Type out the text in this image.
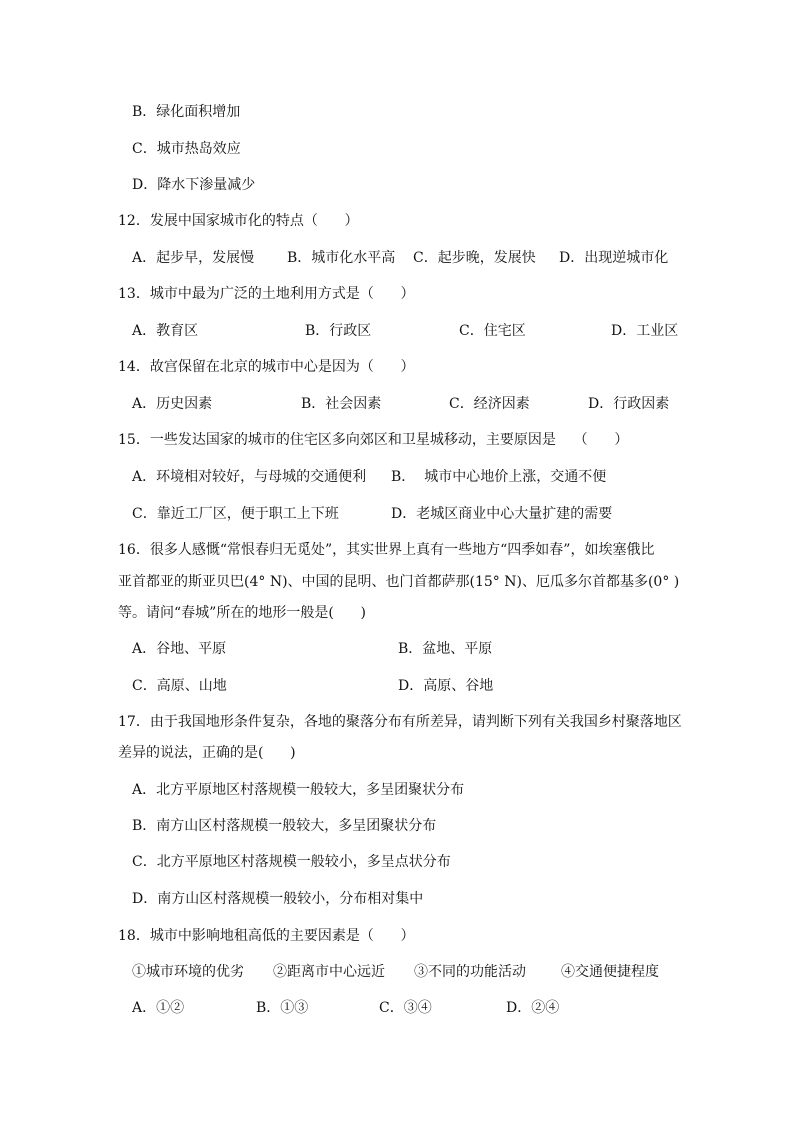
B．绿化面积增加
C．城市热岛效应
D．降水下渗量减少
12．发展中国家城市化的特点（      ）
A．起步早，发展慢 B．城市化水平高 C．起步晚，发展快 D．出现逆城市化
13．城市中最为广泛的土地利用方式是（      ）
A．教育区	B．行政区	C．住宅区	D．工业区
14．故宫保留在北京的城市中心是因为（      ）
A．历史因素	B．社会因素	C．经济因素	D．行政因素
15．一些发达国家的城市的住宅区多向郊区和卫星城移动，主要原因是    （      ）
A．环境相对较好，与母城的交通便利 B．  城市中心地价上涨，交通不便
C．靠近工厂区，便于职工上下班	D．老城区商业中心大量扩建的需要
16．很多人感慨“常恨春归无觅处”，其实世界上真有一些地方“四季如春”，如埃塞俄比
亚首都亚的斯亚贝巴(4° N)、中国的昆明、也门首都萨那(15° N)、厄瓜多尔首都基多(0° )
等。请问“春城”所在的地形一般是(      )
A．谷地、平原	B．盆地、平原
C．高原、山地	D．高原、谷地
17．由于我国地形条件复杂，各地的聚落分布有所差异，请判断下列有关我国乡村聚落地区
差异的说法，正确的是(      )
A．北方平原地区村落规模一般较大，多呈团聚状分布
B．南方山区村落规模一般较大，多呈团聚状分布
C．北方平原地区村落规模一般较小，多呈点状分布
D．南方山区村落规模一般较小，分布相对集中
18．城市中影响地租高低的主要因素是（      ）
①城市环境的优劣 ②距离市中心远近 ③不同的功能活动	④交通便捷程度
A．①②	B．①③	C．③④	D．②④
